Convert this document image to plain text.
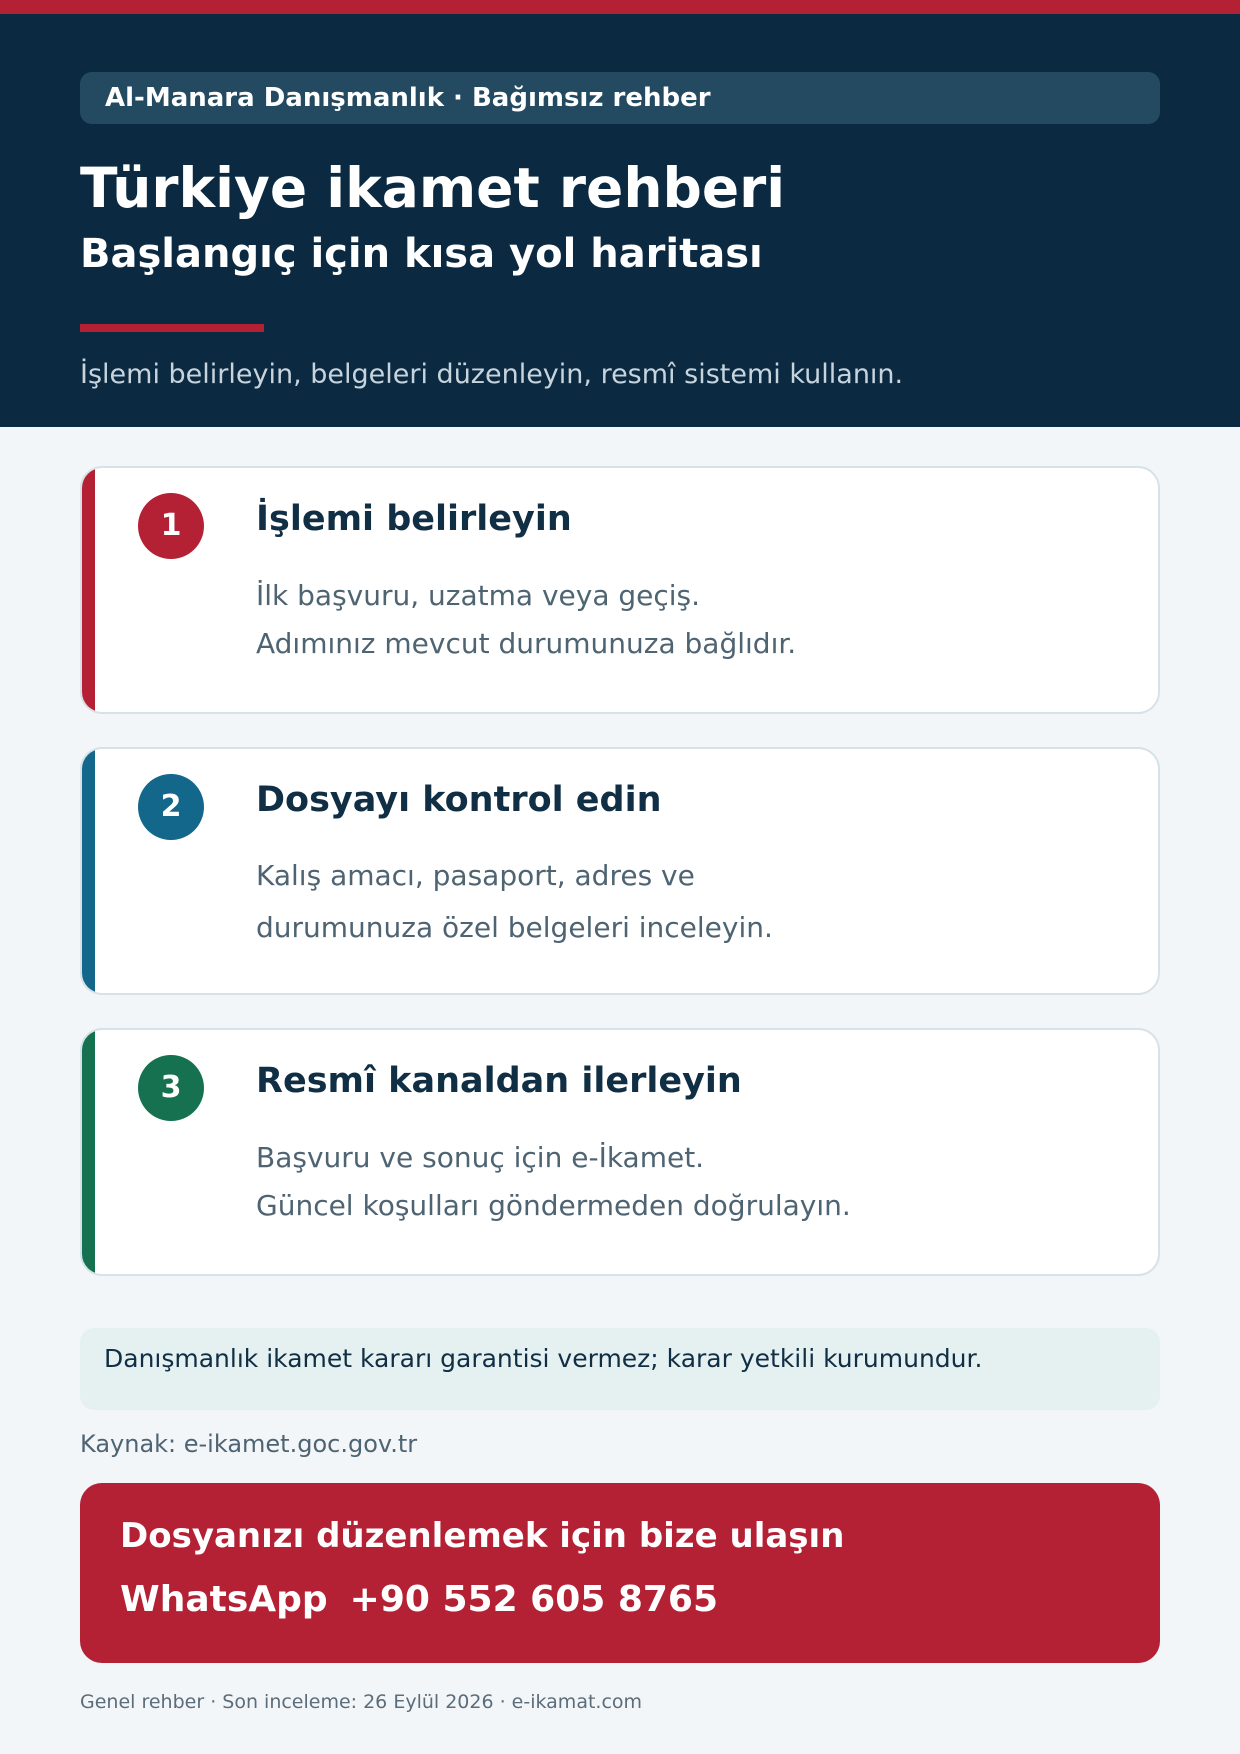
Al-Manara Danışmanlık · Bağımsız rehber
Türkiye ikamet rehberi
Başlangıç için kısa yol haritası
İşlemi belirleyin, belgeleri düzenleyin, resmî sistemi kullanın.
1	İşlemi belirleyin
İlk başvuru, uzatma veya geçiş.
Adımınız mevcut durumunuza bağlıdır.
2	Dosyayı kontrol edin
Kalış amacı, pasaport, adres ve
durumunuza özel belgeleri inceleyin.
3	Resmî kanaldan ilerleyin
Başvuru ve sonuç için e-İkamet.
Güncel koşulları göndermeden doğrulayın.
Danışmanlık ikamet kararı garantisi vermez; karar yetkili kurumundur.
Kaynak: e-ikamet.goc.gov.tr
Dosyanızı düzenlemek için bize ulaşın
WhatsApp +90 552 605 8765
Genel rehber · Son inceleme: 26 Eylül 2026 · e-ikamat.com
